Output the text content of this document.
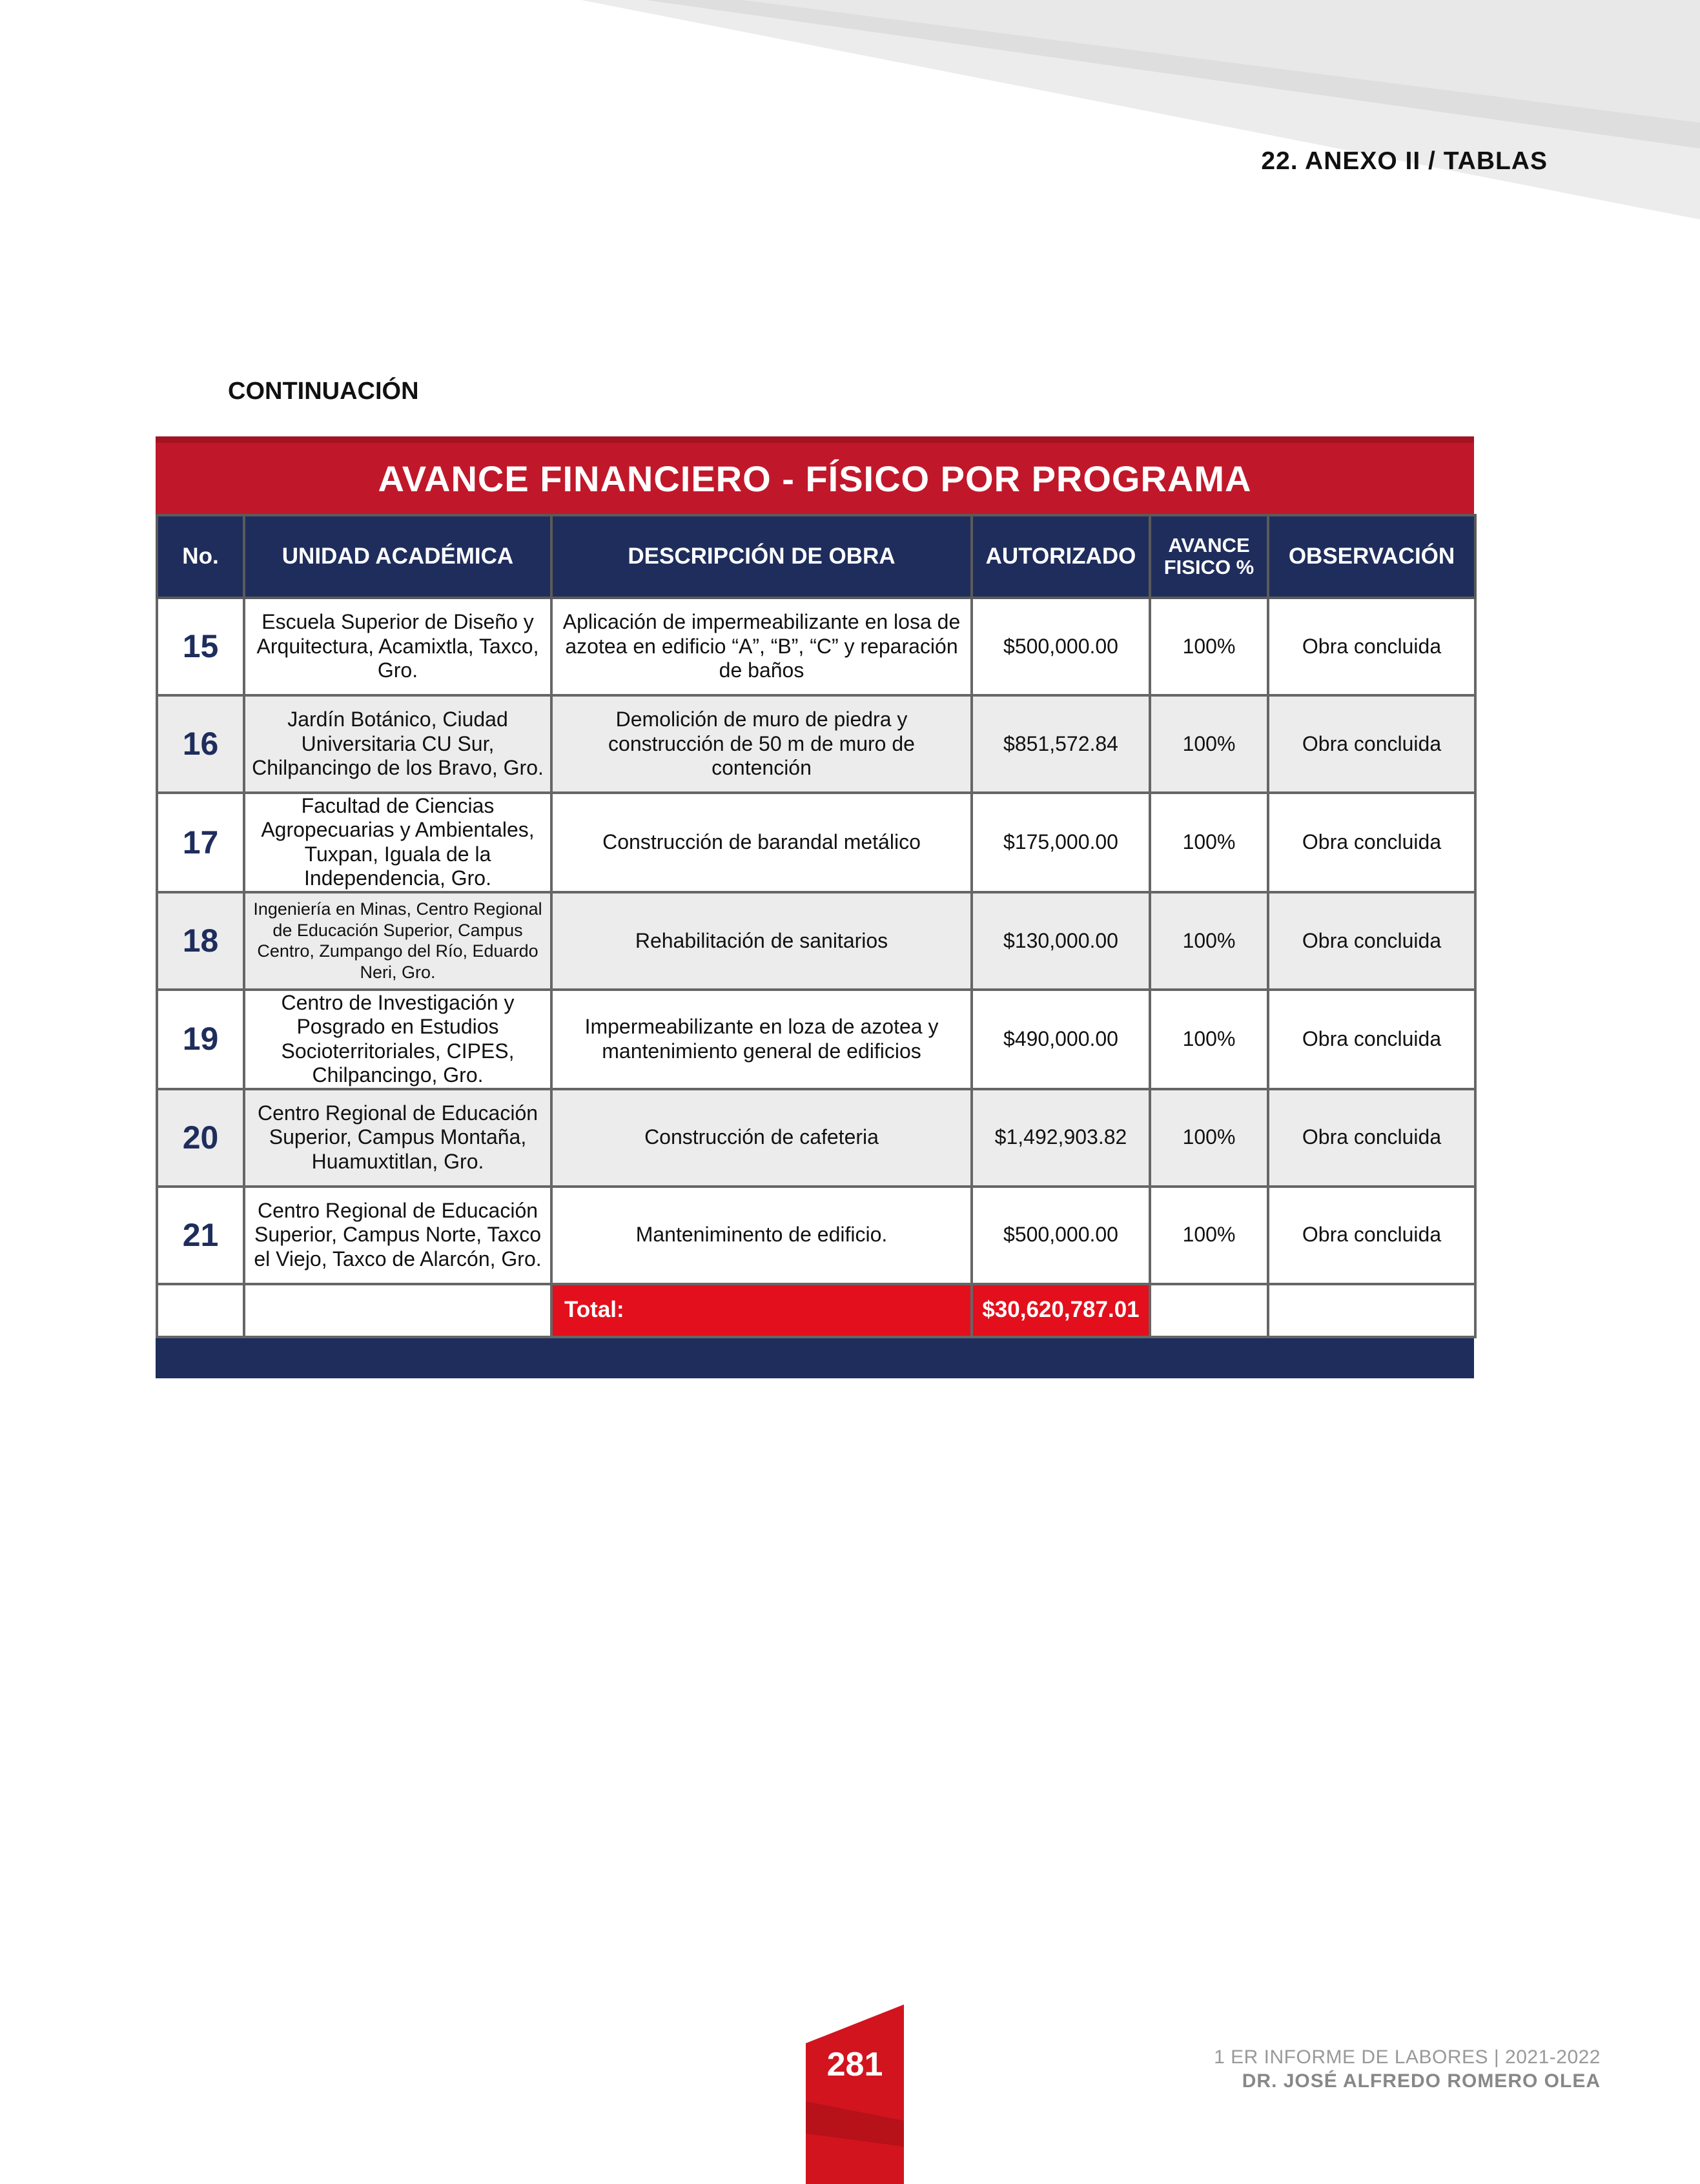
22. ANEXO II / TABLAS
CONTINUACIÓN
AVANCE FINANCIERO - FÍSICO POR PROGRAMA
No.	UNIDAD ACADÉMICA	DESCRIPCIÓN DE OBRA	AUTORIZADO	AVANCE FISICO %	OBSERVACIÓN
15	Escuela Superior de Diseño y Arquitectura, Acamixtla, Taxco, Gro.	Aplicación de impermeabilizante en losa de azotea en edificio “A”, “B”, “C” y reparación de baños	$500,000.00	100%	Obra concluida
16	Jardín Botánico, Ciudad Universitaria CU Sur, Chilpancingo de los Bravo, Gro.	Demolición de muro de piedra y construcción de 50 m de muro de contención	$851,572.84	100%	Obra concluida
17	Facultad de Ciencias Agropecuarias y Ambientales, Tuxpan, Iguala de la Independencia, Gro.	Construcción de barandal metálico	$175,000.00	100%	Obra concluida
18	Ingeniería en Minas, Centro Regional de Educación Superior, Campus Centro, Zumpango del Río, Eduardo Neri, Gro.	Rehabilitación de sanitarios	$130,000.00	100%	Obra concluida
19	Centro de Investigación y Posgrado en Estudios Socioterritoriales, CIPES, Chilpancingo, Gro.	Impermeabilizante en loza de azotea y mantenimiento general de edificios	$490,000.00	100%	Obra concluida
20	Centro Regional de Educación Superior, Campus Montaña, Huamuxtitlan, Gro.	Construcción de cafeteria	$1,492,903.82	100%	Obra concluida
21	Centro Regional de Educación Superior, Campus Norte, Taxco el Viejo, Taxco de Alarcón, Gro.	Manteniminento de edificio.	$500,000.00	100%	Obra concluida
		Total:	$30,620,787.01		
281	1 ER INFORME DE LABORES | 2021-2022
DR. JOSÉ ALFREDO ROMERO OLEA
